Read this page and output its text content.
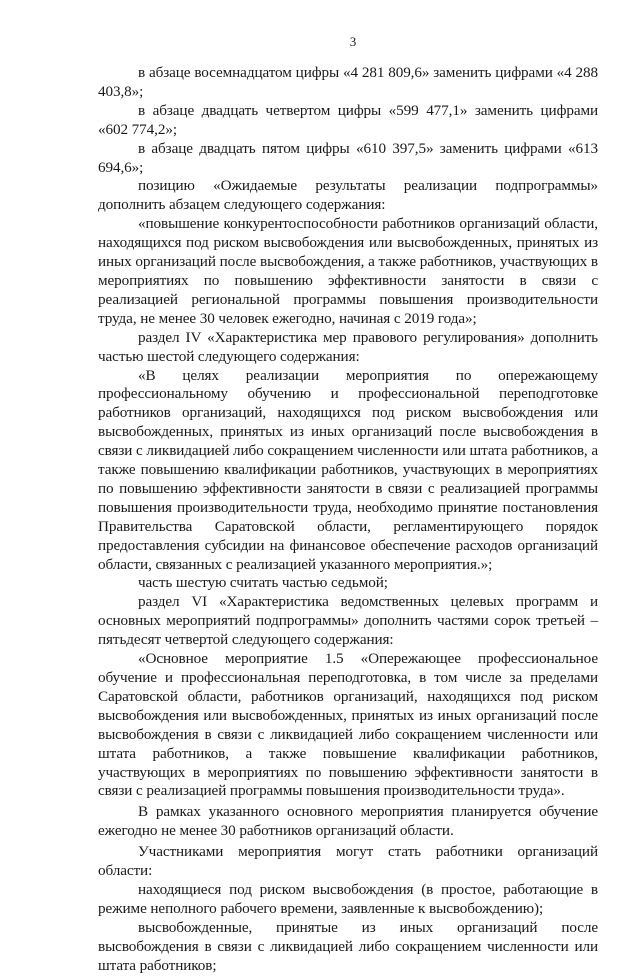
3

в абзаце восемнадцатом цифры «4 281 809,6» заменить цифрами «4 288 403,8»;

в абзаце двадцать четвертом цифры «599 477,1» заменить цифрами «602 774,2»;

в абзаце двадцать пятом цифры «610 397,5» заменить цифрами «613 694,6»;

позицию «Ожидаемые результаты реализации подпрограммы» дополнить абзацем следующего содержания:

«повышение конкурентоспособности работников организаций области, находящихся под риском высвобождения или высвобожденных, принятых из иных организаций после высвобождения, а также работников, участвующих в мероприятиях по повышению эффективности занятости в связи с реализацией региональной программы повышения производительности труда, не менее 30 человек ежегодно, начиная с 2019 года»;

раздел IV «Характеристика мер правового регулирования» дополнить частью шестой следующего содержания:

«В целях реализации мероприятия по опережающему профессиональному обучению и профессиональной переподготовке работников организаций, находящихся под риском высвобождения или высвобожденных, принятых из иных организаций после высвобождения в связи с ликвидацией либо сокращением численности или штата работников, а также повышению квалификации работников, участвующих в мероприятиях по повышению эффективности занятости в связи с реализацией программы повышения производительности труда, необходимо принятие постановления Правительства Саратовской области, регламентирующего порядок предоставления субсидии на финансовое обеспечение расходов организаций области, связанных с реализацией указанного мероприятия.»;

часть шестую считать частью седьмой;

раздел VI «Характеристика ведомственных целевых программ и основных мероприятий подпрограммы» дополнить частями сорок третьей – пятьдесят четвертой следующего содержания:

«Основное мероприятие 1.5 «Опережающее профессиональное обучение и профессиональная переподготовка, в том числе за пределами Саратовской области, работников организаций, находящихся под риском высвобождения или высвобожденных, принятых из иных организаций после высвобождения в связи с ликвидацией либо сокращением численности или штата работников, а также повышение квалификации работников, участвующих в мероприятиях по повышению эффективности занятости в связи с реализацией программы повышения производительности труда».

В рамках указанного основного мероприятия планируется обучение ежегодно не менее 30 работников организаций области.

Участниками мероприятия могут стать работники организаций области:

находящиеся под риском высвобождения (в простое, работающие в режиме неполного рабочего времени, заявленные к высвобождению);

высвобожденные, принятые из иных организаций после высвобождения в связи с ликвидацией либо сокращением численности или штата работников;
